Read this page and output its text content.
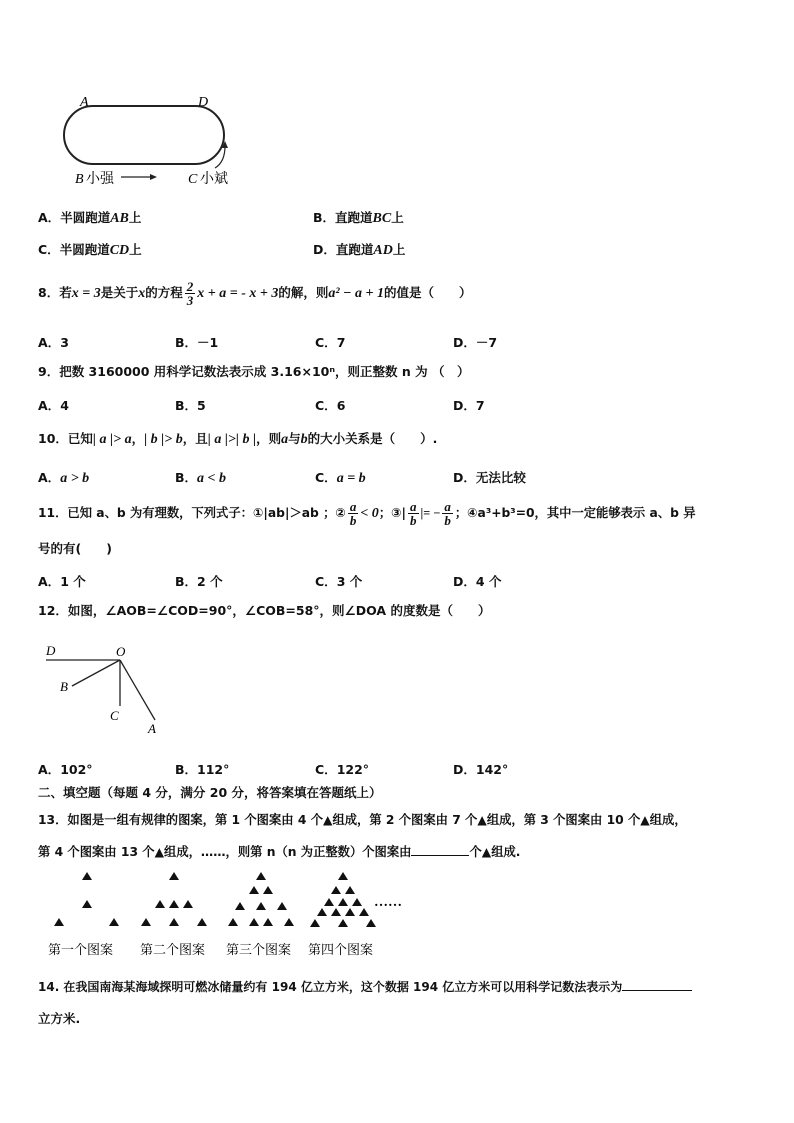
A	D
B	C
小强	小斌
A．半圆跑道AB上	B．直跑道BC上
C．半圆跑道CD上	D．直跑道AD上
8．若x = 3是关于x的方程 $\frac{2}{3}$ x + a = - x + 3的解，则a² − a + 1的值是（　　）
A．3	B．－1	C．7	D．－7
9．把数 3160000 用科学记数法表示成 3.16×10ⁿ，则正整数 n 为 （　）
A．4	B．5	C．6	D．7
10．已知| a |> a，| b |> b，且| a |>| b |，则a与b的大小关系是（　　）.
A．a > b	B．a < b	C．a = b	D．无法比较
11．已知 a、b 为有理数，下列式子：①|ab|＞ab ；② $\frac{a}{b} < 0$；③| $\frac{a}{b}$ |= − $\frac{a}{b}$ ；④a³+b³=0，其中一定能够表示 a、b 异
号的有(　　)
A．1 个	B．2 个	C．3 个	D．4 个
12．如图，∠AOB=∠COD=90°，∠COB=58°，则∠DOA 的度数是（　　）
D	O
B
C
A
A．102°	B．112°	C．122°	D．142°
二、填空题（每题 4 分，满分 20 分，将答案填在答题纸上）
13．如图是一组有规律的图案，第 1 个图案由 4 个▲组成，第 2 个图案由 7 个▲组成，第 3 个图案由 10 个▲组成，
第 4 个图案由 13 个▲组成，……，则第 n（n 为正整数）个图案由	个▲组成.
……
第一个图案 第二个图案 第三个图案 第四个图案
14. 在我国南海某海域探明可燃冰储量约有 194 亿立方米，这个数据 194 亿立方米可以用科学记数法表示为
立方米.
